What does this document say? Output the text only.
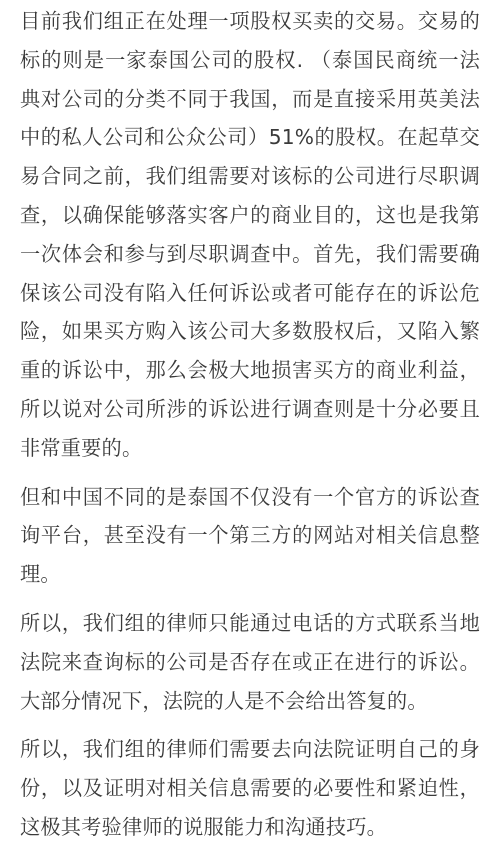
目前我们组正在处理一项股权买卖的交易。交易的标的则是一家泰国公司的股权. （泰国民商统一法典对公司的分类不同于我国，而是直接采用英美法中的私人公司和公众公司）51%的股权。在起草交易合同之前，我们组需要对该标的公司进行尽职调查，以确保能够落实客户的商业目的，这也是我第一次体会和参与到尽职调查中。首先，我们需要确保该公司没有陷入任何诉讼或者可能存在的诉讼危险，如果买方购入该公司大多数股权后，又陷入繁重的诉讼中，那么会极大地损害买方的商业利益，所以说对公司所涉的诉讼进行调查则是十分必要且非常重要的。

但和中国不同的是泰国不仅没有一个官方的诉讼查询平台，甚至没有一个第三方的网站对相关信息整理。

所以，我们组的律师只能通过电话的方式联系当地法院来查询标的公司是否存在或正在进行的诉讼。大部分情况下，法院的人是不会给出答复的。

所以，我们组的律师们需要去向法院证明自己的身份，以及证明对相关信息需要的必要性和紧迫性，这极其考验律师的说服能力和沟通技巧。
